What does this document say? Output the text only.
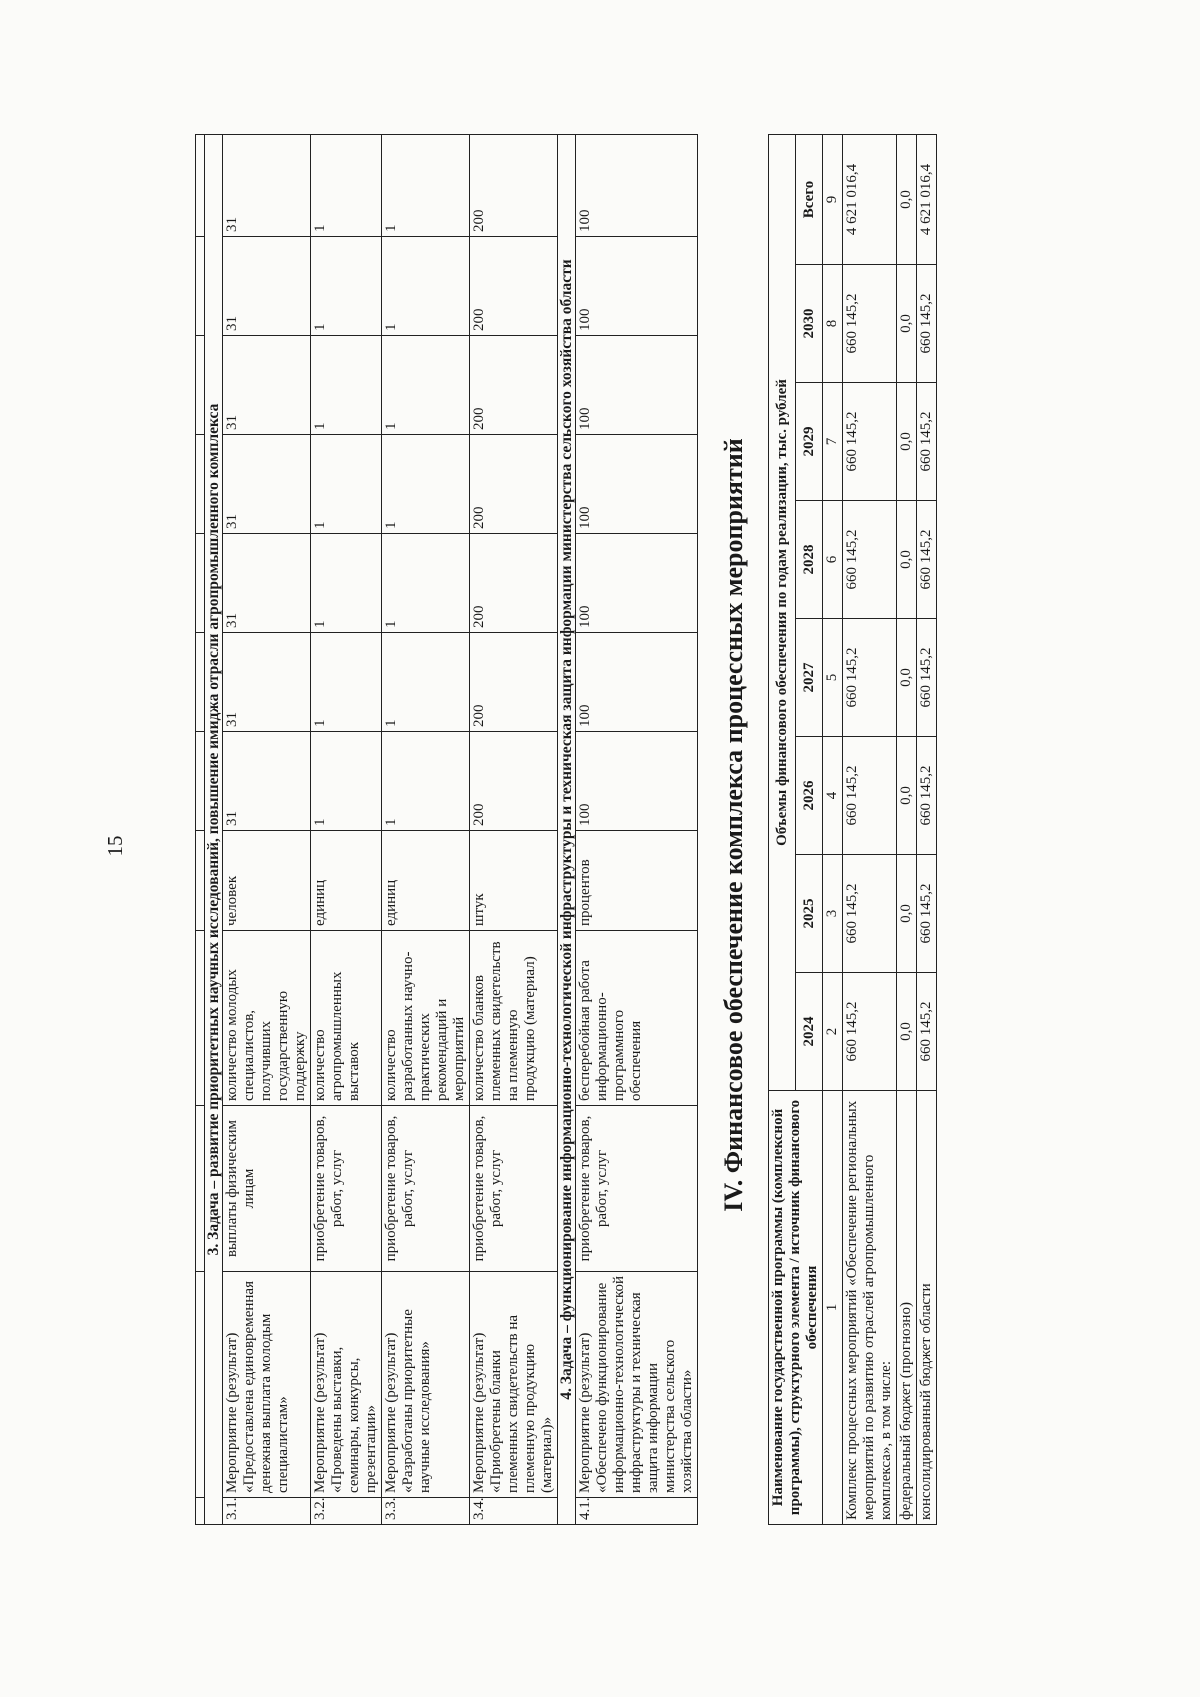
15
												3. Задача – развитие приоритетных научных исследований, повышение имиджа отрасли агропромышленного комплекса											
3.1.	Мероприятие (результат) «Предоставлена единовременная денежная выплата молодым специалистам»	выплаты физическим лицам	количество молодых специалистов, получивших государственную поддержку	человек	31	31	31	31	31	31	31
3.2.	Мероприятие (результат) «Проведены выставки, семинары, конкурсы, презентации»	приобретение товаров, работ, услуг	количество агропромышленных выставок	единиц	1	1	1	1	1	1	1
3.3.	Мероприятие (результат) «Разработаны приоритетные научные исследования»	приобретение товаров, работ, услуг	количество разработанных научно-практических рекомендаций и мероприятий	единиц	1	1	1	1	1	1	1
3.4.	Мероприятие (результат) «Приобретены бланки племенных свидетельств на племенную продукцию (материал)»	приобретение товаров, работ, услуг	количество бланков племенных свидетельств на племенную продукцию (материал)	штук	200	200	200	200	200	200	200
4. Задача – функционирование информационно-технологической инфраструктуры и техническая защита информации министерства сельского хозяйства области											
4.1.	Мероприятие (результат) «Обеспечено функционирование информационно-технологической инфраструктуры и техническая защита информации министерства сельского хозяйства области»	приобретение товаров, работ, услуг	бесперебойная работа информационно-программного обеспечения	процентов	100	100	100	100	100	100	100
IV. Финансовое обеспечение комплекса процессных мероприятий
Наименование государственной программы (комплексной программы), структурного элемента / источник финансового обеспечения	Объемы финансового обеспечения по годам реализации, тыс. рублей							
	2024	2025	2026	2027	2028	2029	2030	Всего
1	2	3	4	5	6	7	8	9
Комплекс процессных мероприятий «Обеспечение региональных мероприятий по развитию отраслей агропромышленного комплекса», в том числе:	660 145,2	660 145,2	660 145,2	660 145,2	660 145,2	660 145,2	660 145,2	4 621 016,4
федеральный бюджет (прогнозно)	0,0	0,0	0,0	0,0	0,0	0,0	0,0	0,0
консолидированный бюджет области	660 145,2	660 145,2	660 145,2	660 145,2	660 145,2	660 145,2	660 145,2	4 621 016,4
